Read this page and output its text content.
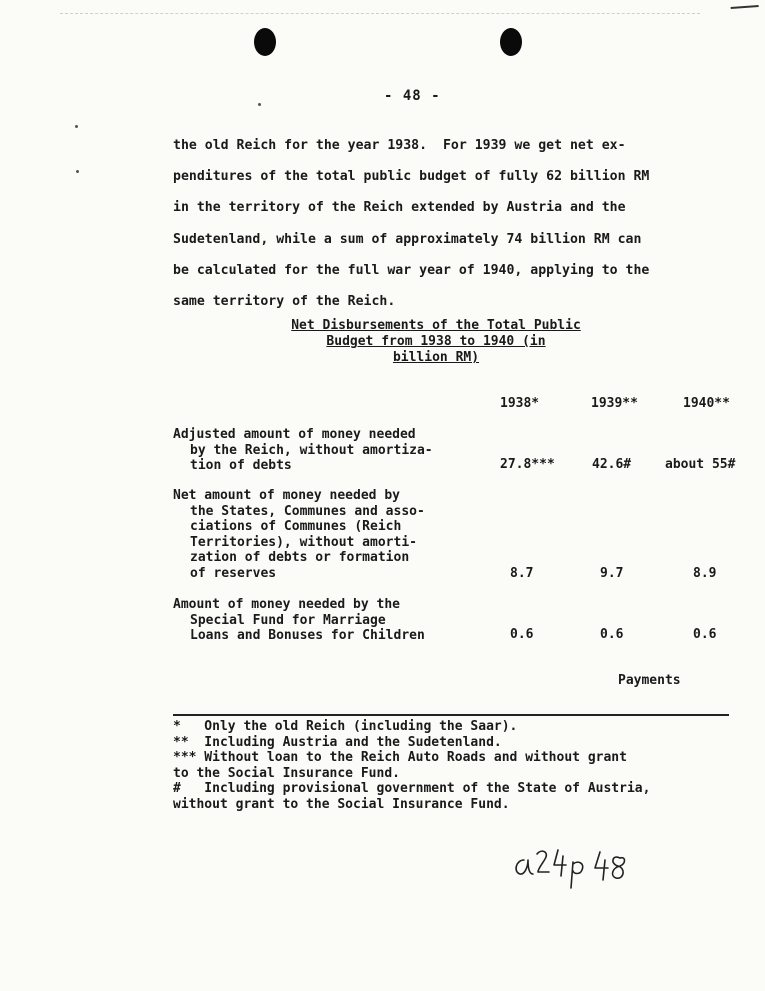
- 48 -
the old Reich for the year 1938.  For 1939 we get net ex-
penditures of the total public budget of fully 62 billion RM
in the territory of the Reich extended by Austria and the
Sudetenland, while a sum of approximately 74 billion RM can
be calculated for the full war year of 1940, applying to the
same territory of the Reich.
Net Disbursements of the Total Public
Budget from 1938 to 1940 (in
billion RM)
1938*	1939**	1940**
Adjusted amount of money needed
by the Reich, without amortiza-
tion of debts	27.8***	42.6#	about 55#
Net amount of money needed by
the States, Communes and asso-
ciations of Communes (Reich
Territories), without amorti-
zation of debts or formation
of reserves	8.7	9.7	8.9
Amount of money needed by the
Special Fund for Marriage
Loans and Bonuses for Children	0.6	0.6	0.6
Payments
*   Only the old Reich (including the Saar).
**  Including Austria and the Sudetenland.
*** Without loan to the Reich Auto Roads and without grant
to the Social Insurance Fund.
#   Including provisional government of the State of Austria,
without grant to the Social Insurance Fund.
